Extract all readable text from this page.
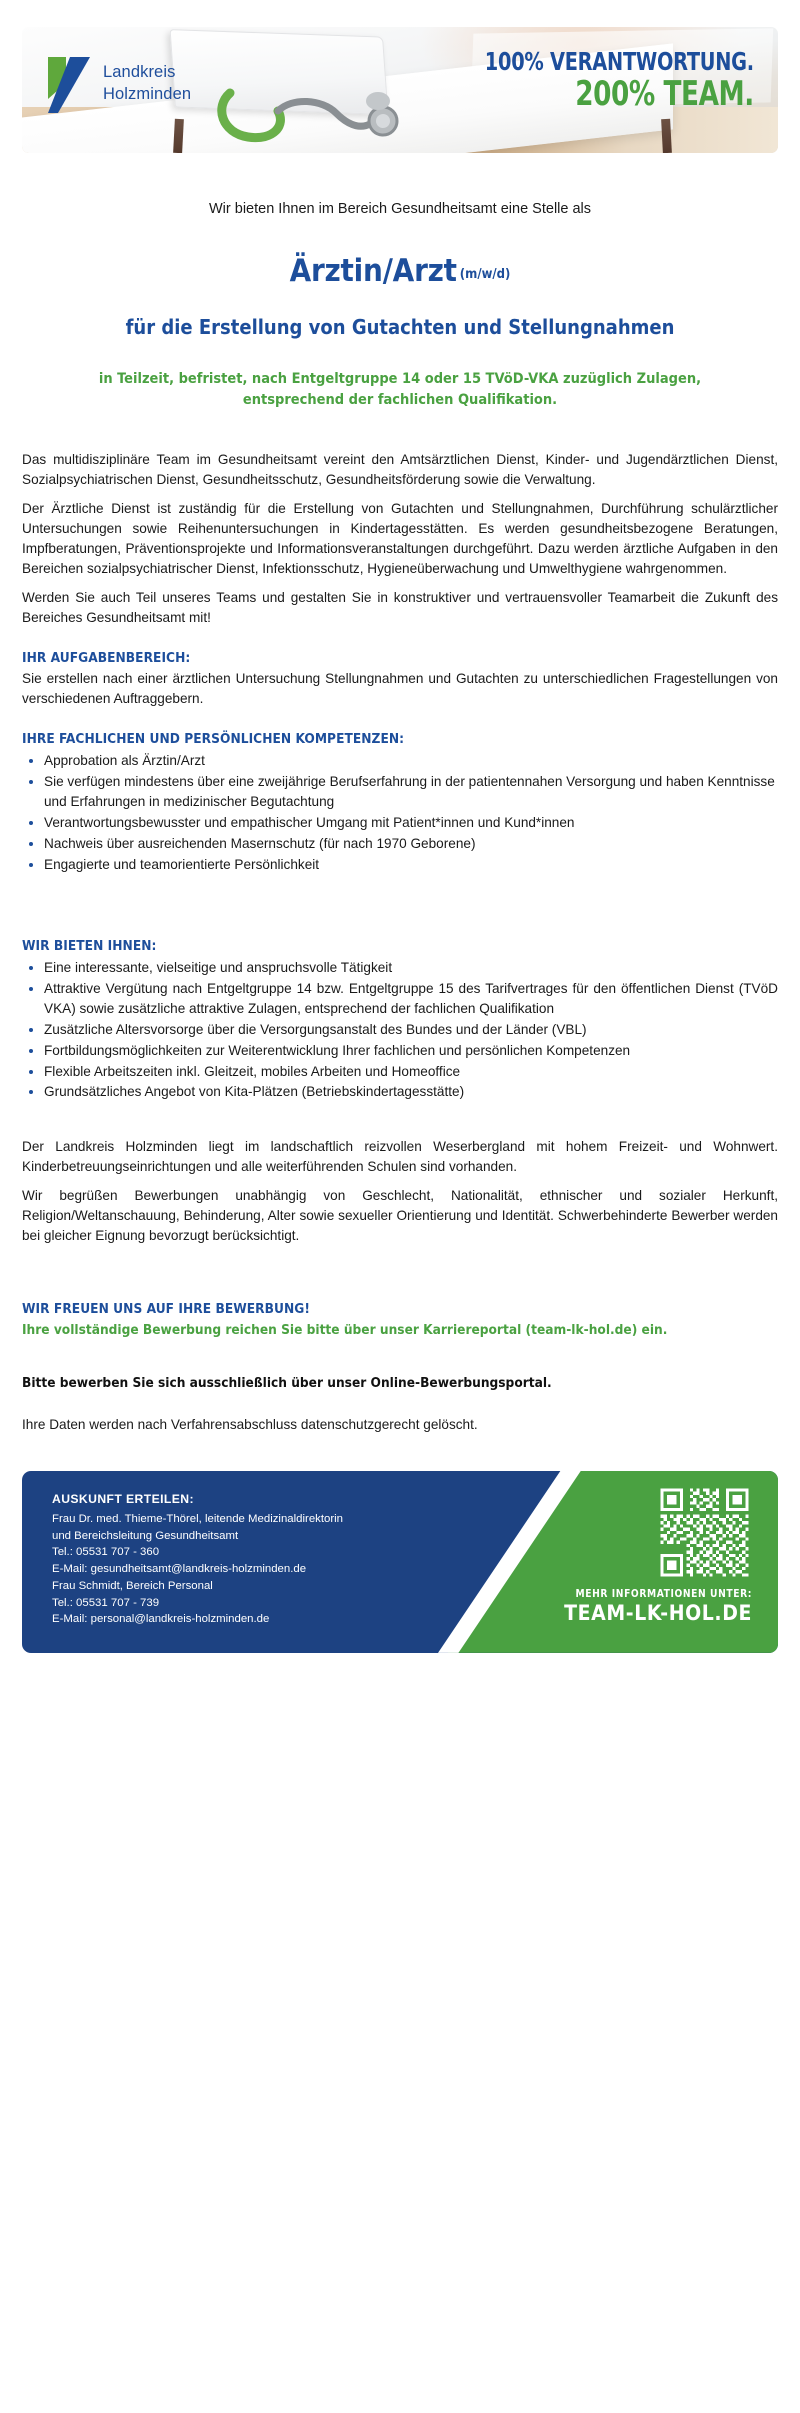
Landkreis
Holzminden
100% VERANTWORTUNG.
200% TEAM.
Wir bieten Ihnen im Bereich Gesundheitsamt eine Stelle als
Ärztin/Arzt (m/w/d)
für die Erstellung von Gutachten und Stellungnahmen
in Teilzeit, befristet, nach Entgeltgruppe 14 oder 15 TVöD-VKA zuzüglich Zulagen,
entsprechend der fachlichen Qualifikation.

Das multidisziplinäre Team im Gesundheitsamt vereint den Amtsärztlichen Dienst, Kinder- und Jugendärztlichen Dienst, Sozialpsychiatrischen Dienst, Gesundheitsschutz, Gesundheitsförderung sowie die Verwaltung.

Der Ärztliche Dienst ist zuständig für die Erstellung von Gutachten und Stellungnahmen, Durchführung schulärztlicher Untersuchungen sowie Reihenuntersuchungen in Kindertagesstätten. Es werden gesundheitsbezogene Beratungen, Impfberatungen, Präventionsprojekte und Informationsveranstaltungen durchgeführt. Dazu werden ärztliche Aufgaben in den Bereichen sozialpsychiatrischer Dienst, Infektionsschutz, Hygieneüberwachung und Umwelthygiene wahrgenommen.

Werden Sie auch Teil unseres Teams und gestalten Sie in konstruktiver und vertrauensvoller Teamarbeit die Zukunft des Bereiches Gesundheitsamt mit!

IHR AUFGABENBEREICH:

Sie erstellen nach einer ärztlichen Untersuchung Stellungnahmen und Gutachten zu unterschiedlichen Fragestellungen von verschiedenen Auftraggebern.

IHRE FACHLICHEN UND PERSÖNLICHEN KOMPETENZEN:
Approbation als Ärztin/Arzt
Sie verfügen mindestens über eine zweijährige Berufserfahrung in der patientennahen Versorgung und haben Kenntnisse und Erfahrungen in medizinischer Begutachtung
Verantwortungsbewusster und empathischer Umgang mit Patient*innen und Kund*innen
Nachweis über ausreichenden Masernschutz (für nach 1970 Geborene)
Engagierte und teamorientierte Persönlichkeit
WIR BIETEN IHNEN:
Eine interessante, vielseitige und anspruchsvolle Tätigkeit
Attraktive Vergütung nach Entgeltgruppe 14 bzw. Entgeltgruppe 15 des Tarifvertrages für den öffentlichen Dienst (TVöD VKA) sowie zusätzliche attraktive Zulagen, entsprechend der fachlichen Qualifikation
Zusätzliche Altersvorsorge über die Versorgungsanstalt des Bundes und der Länder (VBL)
Fortbildungsmöglichkeiten zur Weiterentwicklung Ihrer fachlichen und persönlichen Kompetenzen
Flexible Arbeitszeiten inkl. Gleitzeit, mobiles Arbeiten und Homeoffice
Grundsätzliches Angebot von Kita-Plätzen (Betriebskindertagesstätte)

Der Landkreis Holzminden liegt im landschaftlich reizvollen Weserbergland mit hohem Freizeit- und Wohnwert. Kinderbetreuungseinrichtungen und alle weiterführenden Schulen sind vorhanden.

Wir begrüßen Bewerbungen unabhängig von Geschlecht, Nationalität, ethnischer und sozialer Herkunft, Religion/Weltanschauung, Behinderung, Alter sowie sexueller Orientierung und Identität. Schwerbehinderte Bewerber werden bei gleicher Eignung bevorzugt berücksichtigt.

WIR FREUEN UNS AUF IHRE BEWERBUNG!

Ihre vollständige Bewerbung reichen Sie bitte über unser Karriereportal (team-lk-hol.de) ein.

Bitte bewerben Sie sich ausschließlich über unser Online-Bewerbungsportal.

Ihre Daten werden nach Verfahrensabschluss datenschutzgerecht gelöscht.

AUSKUNFT ERTEILEN:
Frau Dr. med. Thieme-Thörel, leitende Medizinaldirektorin
und Bereichsleitung Gesundheitsamt
Tel.: 05531 707 - 360
E-Mail: gesundheitsamt@landkreis-holzminden.de
Frau Schmidt, Bereich Personal
Tel.: 05531 707 - 739
E-Mail: personal@landkreis-holzminden.de
MEHR INFORMATIONEN UNTER:
TEAM-LK-HOL.DE
